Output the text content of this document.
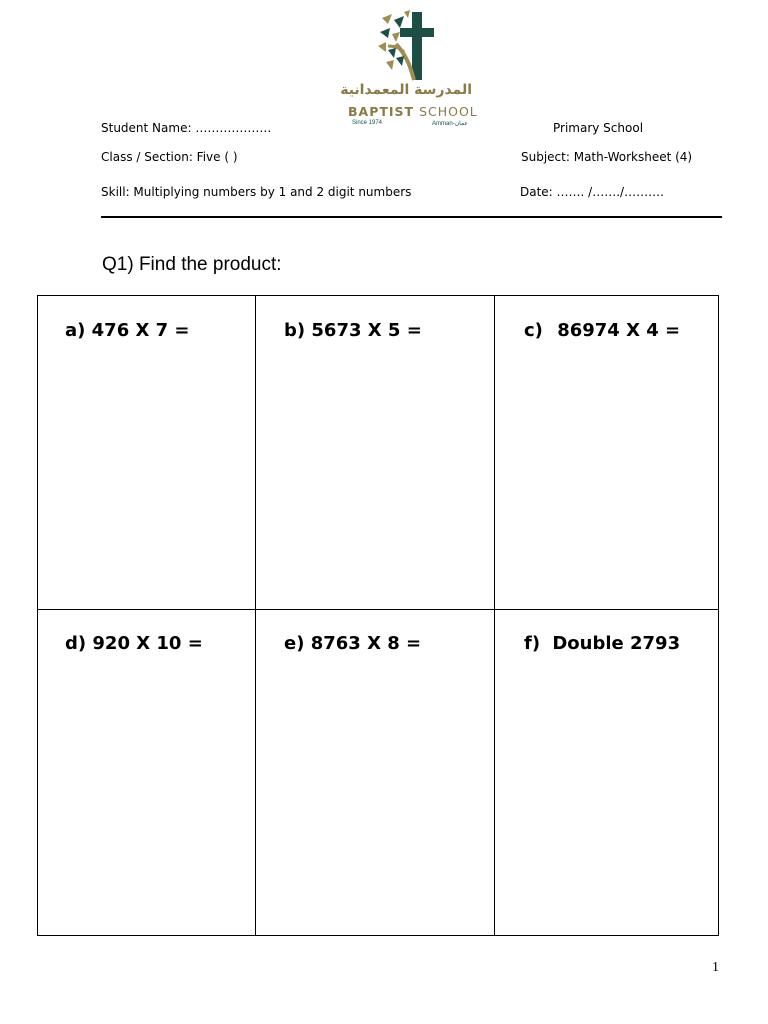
المدرسة المعمدانية
BAPTIST SCHOOL
Since 1974	Amman-عمان
Student Name: ……………….	Primary School
Class / Section: Five ( )	Subject: Math-Worksheet (4)
Skill: Multiplying numbers by 1 and 2 digit numbers	Date: ……. /……./……….
Q1) Find the product:
a) 476 X 7 =	b) 5673 X 5 =	c) 86974 X 4 =
d) 920 X 10 =	e) 8763 X 8 =	f) Double 2793
1
